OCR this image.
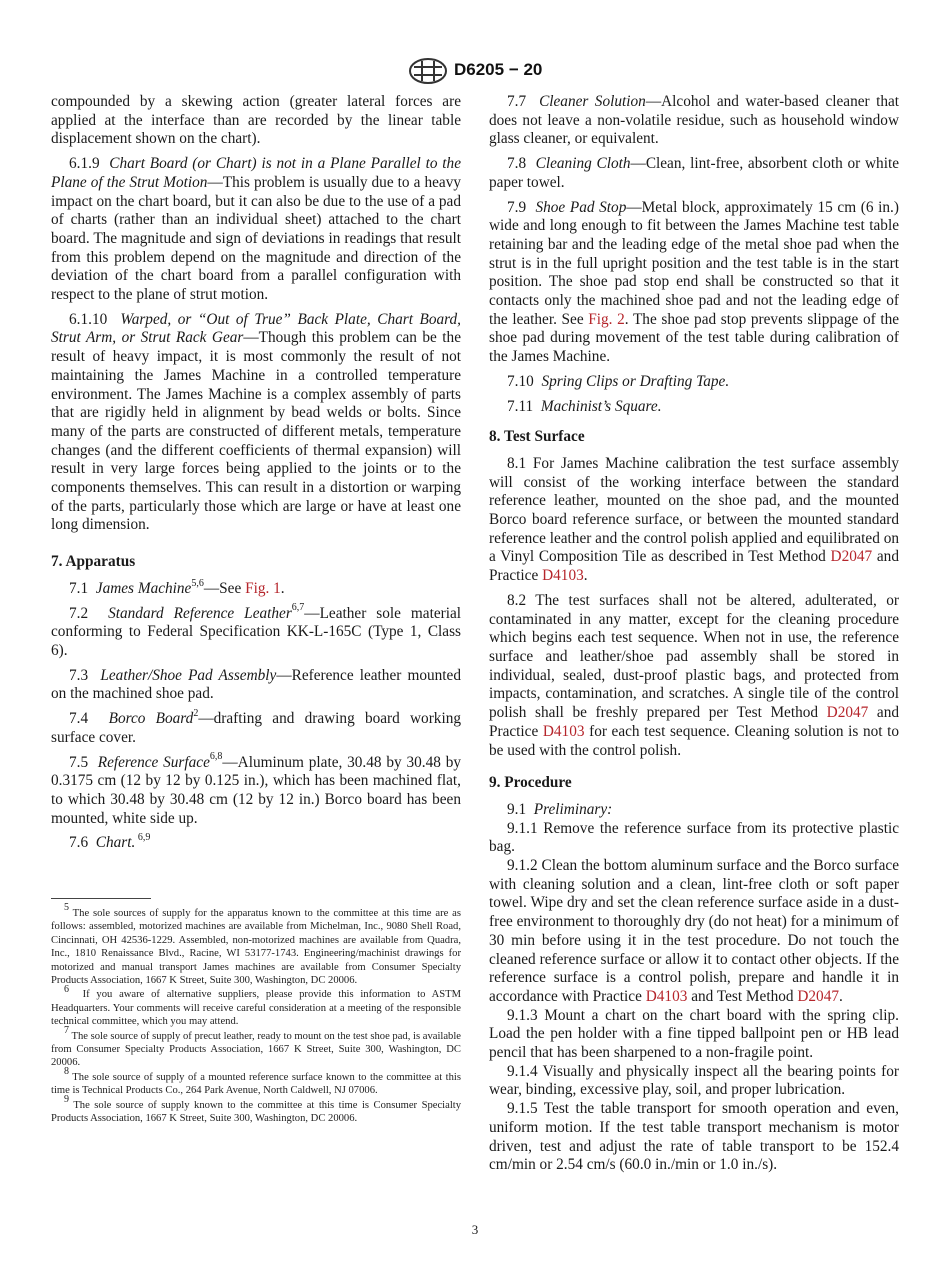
D6205 − 20

compounded by a skewing action (greater lateral forces are applied at the interface than are recorded by the linear table displacement shown on the chart).

6.1.9 Chart Board (or Chart) is not in a Plane Parallel to the Plane of the Strut Motion—This problem is usually due to a heavy impact on the chart board, but it can also be due to the use of a pad of charts (rather than an individual sheet) attached to the chart board. The magnitude and sign of deviations in readings that result from this problem depend on the magnitude and direction of the deviation of the chart board from a parallel configuration with respect to the plane of strut motion.

6.1.10 Warped, or “Out of True” Back Plate, Chart Board, Strut Arm, or Strut Rack Gear—Though this problem can be the result of heavy impact, it is most commonly the result of not maintaining the James Machine in a controlled temperature environment. The James Machine is a complex assembly of parts that are rigidly held in alignment by bead welds or bolts. Since many of the parts are constructed of different metals, temperature changes (and the different coefficients of thermal expansion) will result in very large forces being applied to the joints or to the components themselves. This can result in a distortion or warping of the parts, particularly those which are large or have at least one long dimension.

7. Apparatus

7.1 James Machine$^{5,6}$—See Fig. 1.

7.2 Standard Reference Leather$^{6,7}$—Leather sole material conforming to Federal Specification KK-L-165C (Type 1, Class 6).

7.3 Leather/Shoe Pad Assembly—Reference leather mounted on the machined shoe pad.

7.4 Borco Board$^2$—drafting and drawing board working surface cover.

7.5 Reference Surface$^{6,8}$—Aluminum plate, 30.48 by 30.48 by 0.3175 cm (12 by 12 by 0.125 in.), which has been machined flat, to which 30.48 by 30.48 cm (12 by 12 in.) Borco board has been mounted, white side up.

7.6 Chart. $^{6,9}$

$^5$ The sole sources of supply for the apparatus known to the committee at this time are as follows: assembled, motorized machines are available from Michelman, Inc., 9080 Shell Road, Cincinnati, OH 42536-1229. Assembled, non-motorized machines are available from Quadra, Inc., 1810 Renaissance Blvd., Racine, WI 53177-1743. Engineering/machinist drawings for motorized and manual transport James machines are available from Consumer Specialty Products Association, 1667 K Street, Suite 300, Washington, DC 20006.

$^6$  If you aware of alternative suppliers, please provide this information to ASTM Headquarters. Your comments will receive careful consideration at a meeting of the responsible technical committee, which you may attend.

$^7$ The sole source of supply of precut leather, ready to mount on the test shoe pad, is available from Consumer Specialty Products Association, 1667 K Street, Suite 300, Washington, DC 20006.

$^8$ The sole source of supply of a mounted reference surface known to the committee at this time is Technical Products Co., 264 Park Avenue, North Caldwell, NJ 07006.

$^9$ The sole source of supply known to the committee at this time is Consumer Specialty Products Association, 1667 K Street, Suite 300, Washington, DC 20006.

7.7 Cleaner Solution—Alcohol and water-based cleaner that does not leave a non-volatile residue, such as household window glass cleaner, or equivalent.

7.8 Cleaning Cloth—Clean, lint-free, absorbent cloth or white paper towel.

7.9 Shoe Pad Stop—Metal block, approximately 15 cm (6 in.) wide and long enough to fit between the James Machine test table retaining bar and the leading edge of the metal shoe pad when the strut is in the full upright position and the test table is in the start position. The shoe pad stop end shall be constructed so that it contacts only the machined shoe pad and not the leading edge of the leather. See Fig. 2. The shoe pad stop prevents slippage of the shoe pad during movement of the test table during calibration of the James Machine.

7.10 Spring Clips or Drafting Tape.

7.11 Machinist’s Square.

8. Test Surface

8.1 For James Machine calibration the test surface assembly will consist of the working interface between the standard reference leather, mounted on the shoe pad, and the mounted Borco board reference surface, or between the mounted standard reference leather and the control polish applied and equilibrated on a Vinyl Composition Tile as described in Test Method D2047 and Practice D4103.

8.2 The test surfaces shall not be altered, adulterated, or contaminated in any matter, except for the cleaning procedure which begins each test sequence. When not in use, the reference surface and leather/shoe pad assembly shall be stored in individual, sealed, dust-proof plastic bags, and protected from impacts, contamination, and scratches. A single tile of the control polish shall be freshly prepared per Test Method D2047 and Practice D4103 for each test sequence. Cleaning solution is not to be used with the control polish.

9. Procedure

9.1 Preliminary:

9.1.1 Remove the reference surface from its protective plastic bag.

9.1.2 Clean the bottom aluminum surface and the Borco surface with cleaning solution and a clean, lint-free cloth or soft paper towel. Wipe dry and set the clean reference surface aside in a dust-free environment to thoroughly dry (do not heat) for a minimum of 30 min before using it in the test procedure. Do not touch the cleaned reference surface or allow it to contact other objects. If the reference surface is a control polish, prepare and handle it in accordance with Practice D4103 and Test Method D2047.

9.1.3 Mount a chart on the chart board with the spring clip. Load the pen holder with a fine tipped ballpoint pen or HB lead pencil that has been sharpened to a non-fragile point.

9.1.4 Visually and physically inspect all the bearing points for wear, binding, excessive play, soil, and proper lubrication.

9.1.5 Test the table transport for smooth operation and even, uniform motion. If the test table transport mechanism is motor driven, test and adjust the rate of table transport to be 152.4 cm/min or 2.54 cm/s (60.0 in./min or 1.0 in./s).

3
